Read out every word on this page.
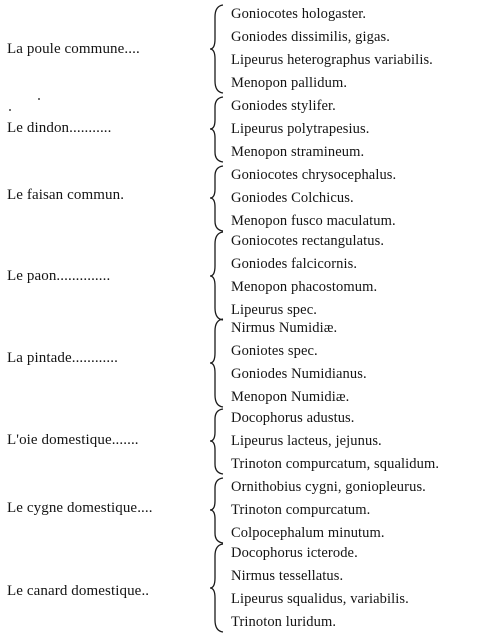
La poule commune....
Goniocotes hologaster.
Goniodes dissimilis, gigas.
Lipeurus heterographus variabilis.
Menopon pallidum.
Le dindon...........
Goniodes stylifer.
Lipeurus polytrapesius.
Menopon stramineum.
Le faisan commun.
Goniocotes chrysocephalus.
Goniodes Colchicus.
Menopon fusco maculatum.
Le paon..............
Goniocotes rectangulatus.
Goniodes falcicornis.
Menopon phacostomum.
Lipeurus spec.
La pintade............
Nirmus Numidiæ.
Goniotes spec.
Goniodes Numidianus.
Menopon Numidiæ.
L'oie domestique.......
Docophorus adustus.
Lipeurus lacteus, jejunus.
Trinoton compurcatum, squalidum.
Le cygne domestique....
Ornithobius cygni, goniopleurus.
Trinoton compurcatum.
Colpocephalum minutum.
Le canard domestique..
Docophorus icterode.
Nirmus tessellatus.
Lipeurus squalidus, variabilis.
Trinoton luridum.
